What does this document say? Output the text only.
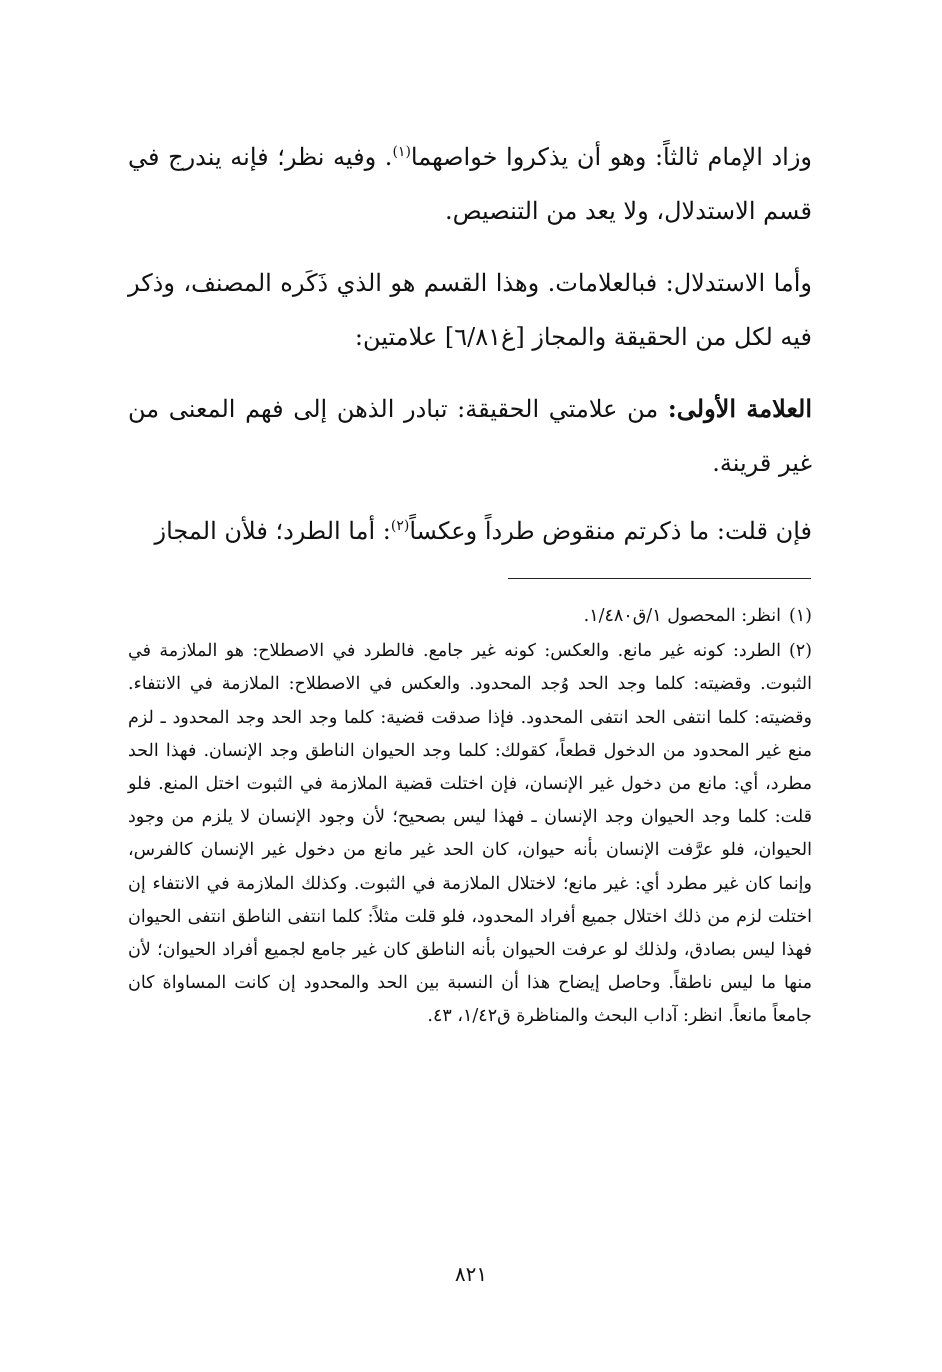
وزاد الإمام ثالثاً: وهو أن يذكروا خواصهما$^{(١)}$. وفيه نظر؛ فإنه يندرج في قسم الاستدلال، ولا يعد من التنصيص.

وأما الاستدلال: فبالعلامات. وهذا القسم هو الذي ذَكَره المصنف، وذكر فيه لكل من الحقيقة والمجاز [غ٦/٨١] علامتين:

العلامة الأولى: من علامتي الحقيقة: تبادر الذهن إلى فهم المعنى من غير قرينة.

فإن قلت: ما ذكرتم منقوض طرداً وعكساً$^{(٢)}$: أما الطرد؛ فلأن المجاز

(١)انظر: المحصول ١/ق١/٤٨٠.

(٢)الطرد: كونه غير مانع. والعكس: كونه غير جامع. فالطرد في الاصطلاح: هو الملازمة في الثبوت. وقضيته: كلما وجد الحد وُجد المحدود. والعكس في الاصطلاح: الملازمة في الانتفاء. وقضيته: كلما انتفى الحد انتفى المحدود. فإذا صدقت قضية: كلما وجد الحد وجد المحدود ـ لزم منع غير المحدود من الدخول قطعاً، كقولك: كلما وجد الحيوان الناطق وجد الإنسان. فهذا الحد مطرد، أي: مانع من دخول غير الإنسان، فإن اختلت قضية الملازمة في الثبوت اختل المنع. فلو قلت: كلما وجد الحيوان وجد الإنسان ـ فهذا ليس بصحيح؛ لأن وجود الإنسان لا يلزم من وجود الحيوان، فلو عرَّفت الإنسان بأنه حيوان، كان الحد غير مانع من دخول غير الإنسان كالفرس، وإنما كان غير مطرد أي: غير مانع؛ لاختلال الملازمة في الثبوت. وكذلك الملازمة في الانتفاء إن اختلت لزم من ذلك اختلال جميع أفراد المحدود، فلو قلت مثلاً: كلما انتفى الناطق انتفى الحيوان فهذا ليس بصادق، ولذلك لو عرفت الحيوان بأنه الناطق كان غير جامع لجميع أفراد الحيوان؛ لأن منها ما ليس ناطقاً. وحاصل إيضاح هذا أن النسبة بين الحد والمحدود إن كانت المساواة كان جامعاً مانعاً. انظر: آداب البحث والمناظرة ق١/٤٢، ٤٣.

٨٢١
